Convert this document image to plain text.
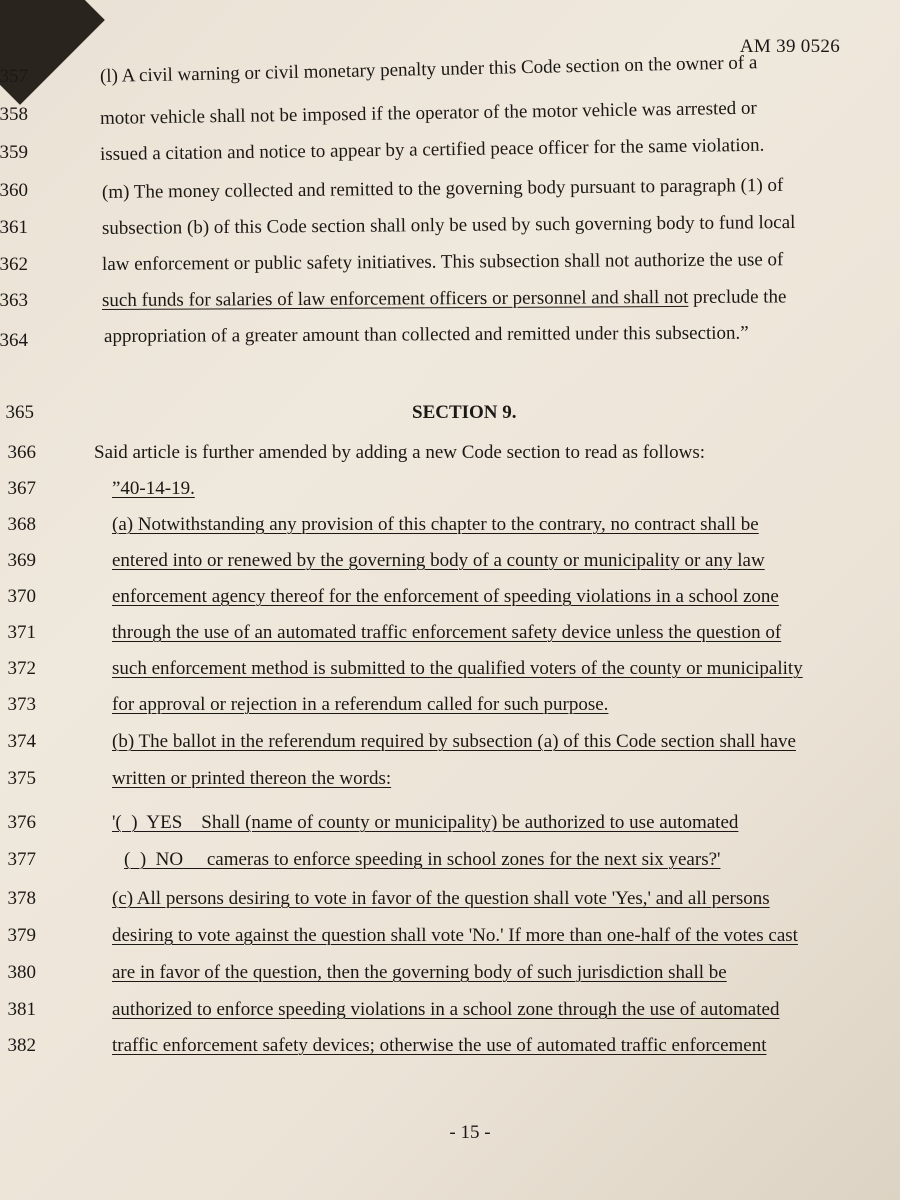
AM 39 0526
357
358
359
360
361
362
363
364
(l) A civil warning or civil monetary penalty under this Code section on the owner of a
motor vehicle shall not be imposed if the operator of the motor vehicle was arrested or
issued a citation and notice to appear by a certified peace officer for the same violation.
(m) The money collected and remitted to the governing body pursuant to paragraph (1) of
subsection (b) of this Code section shall only be used by such governing body to fund local
law enforcement or public safety initiatives. This subsection shall not authorize the use of
such funds for salaries of law enforcement officers or personnel and shall not preclude the
appropriation of a greater amount than collected and remitted under this subsection.”
365	SECTION 9.
366
367
368
369
370
371
372
373
374
375
376
377
378
379
380
381
382
Said article is further amended by adding a new Code section to read as follows:
”40-14-19.
(a) Notwithstanding any provision of this chapter to the contrary, no contract shall be
entered into or renewed by the governing body of a county or municipality or any law
enforcement agency thereof for the enforcement of speeding violations in a school zone
through the use of an automated traffic enforcement safety device unless the question of
such enforcement method is submitted to the qualified voters of the county or municipality
for approval or rejection in a referendum called for such purpose.
(b) The ballot in the referendum required by subsection (a) of this Code section shall have
written or printed thereon the words:
'(  )  YES    Shall (name of county or municipality) be authorized to use automated
(  )  NO     cameras to enforce speeding in school zones for the next six years?'
(c) All persons desiring to vote in favor of the question shall vote 'Yes,' and all persons
desiring to vote against the question shall vote 'No.' If more than one-half of the votes cast
are in favor of the question, then the governing body of such jurisdiction shall be
authorized to enforce speeding violations in a school zone through the use of automated
traffic enforcement safety devices; otherwise the use of automated traffic enforcement
- 15 -
